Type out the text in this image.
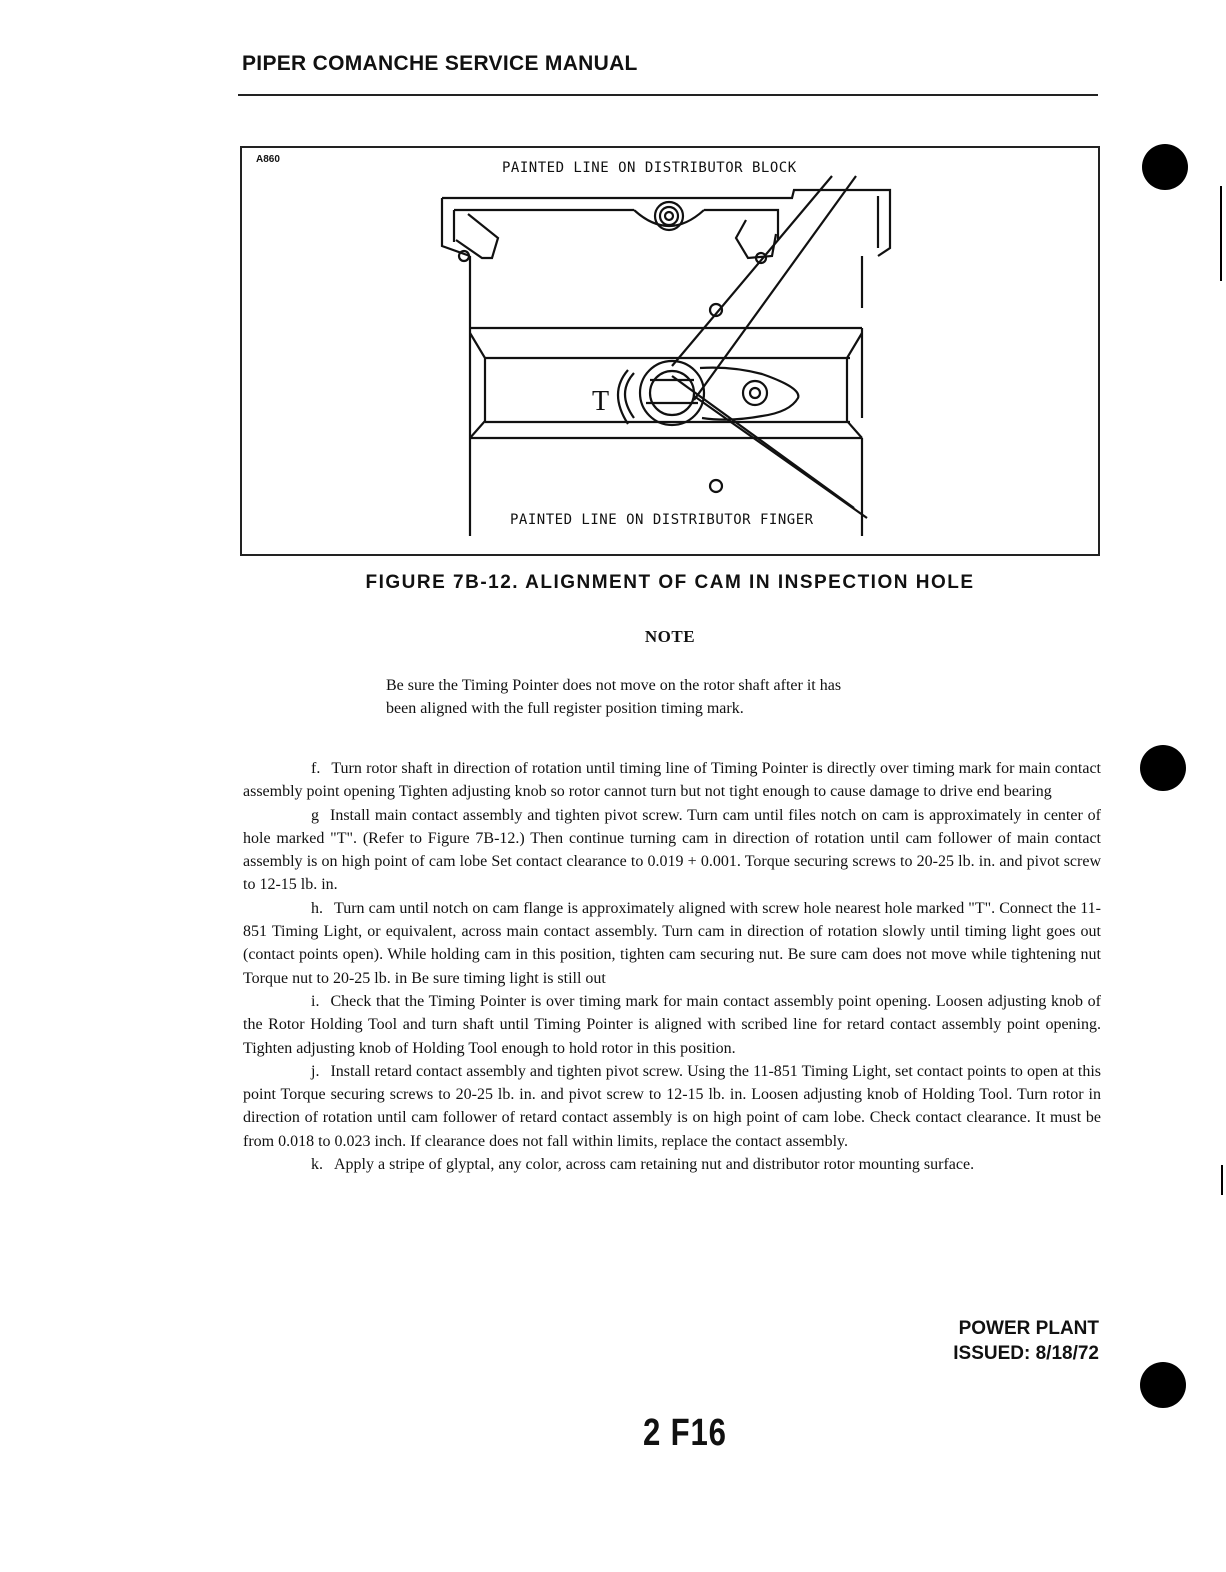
PIPER COMANCHE SERVICE MANUAL
A860
T
PAINTED LINE ON DISTRIBUTOR BLOCK
PAINTED LINE ON DISTRIBUTOR FINGER
FIGURE 7B-12. ALIGNMENT OF CAM IN INSPECTION HOLE
NOTE
Be sure the Timing Pointer does not move on the rotor shaft after it has
been aligned with the full register position timing mark.

f. Turn rotor shaft in direction of rotation until timing line of Timing Pointer is directly over timing mark for main contact assembly point opening Tighten adjusting knob so rotor cannot turn but not tight enough to cause damage to drive end bearing

g Install main contact assembly and tighten pivot screw. Turn cam until files notch on cam is approximately in center of hole marked "T". (Refer to Figure 7B-12.) Then continue turning cam in direction of rotation until cam follower of main contact assembly is on high point of cam lobe Set contact clearance to 0.019 + 0.001. Torque securing screws to 20-25 lb. in. and pivot screw to 12-15 lb. in.

h. Turn cam until notch on cam flange is approximately aligned with screw hole nearest hole marked "T". Connect the 11-851 Timing Light, or equivalent, across main contact assembly. Turn cam in direction of rotation slowly until timing light goes out (contact points open). While holding cam in this position, tighten cam securing nut. Be sure cam does not move while tightening nut Torque nut to 20-25 lb. in Be sure timing light is still out

i. Check that the Timing Pointer is over timing mark for main contact assembly point opening. Loosen adjusting knob of the Rotor Holding Tool and turn shaft until Timing Pointer is aligned with scribed line for retard contact assembly point opening. Tighten adjusting knob of Holding Tool enough to hold rotor in this position.

j. Install retard contact assembly and tighten pivot screw. Using the 11-851 Timing Light, set contact points to open at this point Torque securing screws to 20-25 lb. in. and pivot screw to 12-15 lb. in. Loosen adjusting knob of Holding Tool. Turn rotor in direction of rotation until cam follower of retard contact assembly is on high point of cam lobe. Check contact clearance. It must be from 0.018 to 0.023 inch. If clearance does not fall within limits, replace the contact assembly.

k. Apply a stripe of glyptal, any color, across cam retaining nut and distributor rotor mounting surface.

POWER PLANT
ISSUED: 8/18/72
2 F16
